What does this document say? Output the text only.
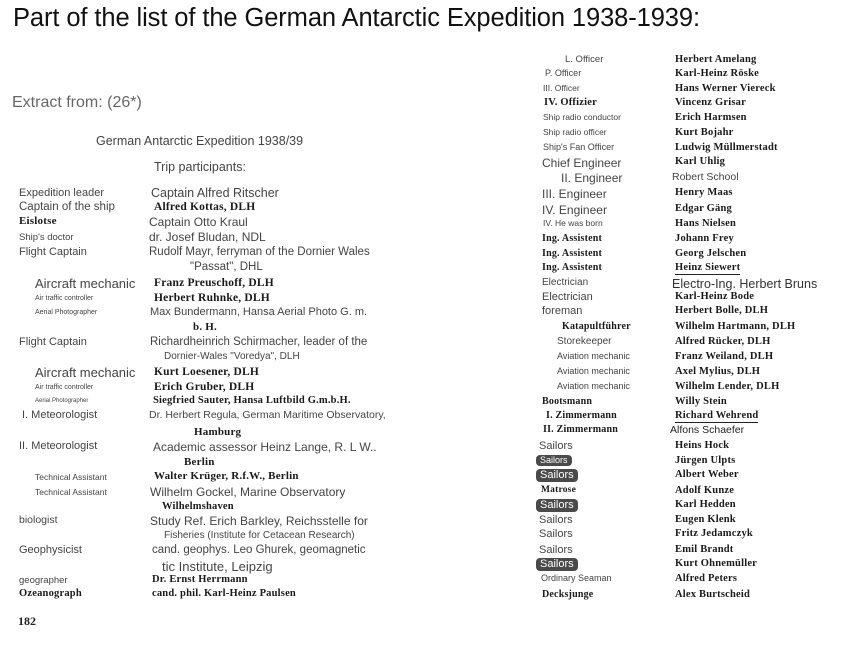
Part of the list of the German Antarctic Expedition 1938-1939:
Extract from: (26*)
German Antarctic Expedition 1938/39
Trip participants:
Expedition leader	Captain Alfred Ritscher
Captain of the ship	Alfred Kottas, DLH
Eislotse	Captain Otto Kraul
Ship's doctor	dr. Josef Bludan, NDL
Flight Captain	Rudolf Mayr, ferryman of the Dornier Wales
"Passat", DHL
Aircraft mechanic Franz Preuschoff, DLH
Air traffic controller	Herbert Ruhnke, DLH
Aerial Photographer	Max Bundermann, Hansa Aerial Photo G. m.
b. H.
Flight Captain	Richardheinrich Schirmacher, leader of the
Dornier-Wales "Voredya", DLH
Aircraft mechanic Kurt Loesener, DLH
Air traffic controller	Erich Gruber, DLH
Aerial Photographer	Siegfried Sauter, Hansa Luftbild G.m.b.H.
I. Meteorologist	Dr. Herbert Regula, German Maritime Observatory,
Hamburg
II. Meteorologist	Academic assessor Heinz Lange, R. L W..
Berlin
Technical Assistant	Walter Krüger, R.f.W., Berlin
Technical Assistant	Wilhelm Gockel, Marine Observatory
Wilhelmshaven
biologist	Study Ref. Erich Barkley, Reichsstelle for
Fisheries (Institute for Cetacean Research)
Geophysicist	cand. geophys. Leo Ghurek, geomagnetic
tic Institute, Leipzig
geographer	Dr. Ernst Herrmann
Ozeanograph	cand. phil. Karl-Heinz Paulsen
182
L. Officer	Herbert Amelang
P. Officer	Karl-Heinz Röske
III. Officer	Hans Werner Viereck
IV. Offizier	Vincenz Grisar
Ship radio conductor	Erich Harmsen
Ship radio officer	Kurt Bojahr
Ship's Fan Officer	Ludwig Müllmerstadt
Chief Engineer	Karl Uhlig
II. Engineer	Robert School
III. Engineer	Henry Maas
IV. Engineer	Edgar Gäng
IV. He was born	Hans Nielsen
Ing. Assistent	Johann Frey
Ing. Assistent	Georg Jelschen
Ing. Assistent	Heinz Siewert
Electrician	Electro-Ing. Herbert Bruns
Electrician	Karl-Heinz Bode
foreman	Herbert Bolle, DLH
Katapultführer	Wilhelm Hartmann, DLH
Storekeeper	Alfred Rücker, DLH
Aviation mechanic	Franz Weiland, DLH
Aviation mechanic	Axel Mylius, DLH
Aviation mechanic	Wilhelm Lender, DLH
Bootsmann	Willy Stein
I. Zimmermann	Richard Wehrend
II. Zimmermann	Alfons Schaefer
Sailors	Heins Hock
Sailors	Jürgen Ulpts
Sailors	Albert Weber
Matrose	Adolf Kunze
Sailors	Karl Hedden
Sailors	Eugen Klenk
Sailors	Fritz Jedamczyk
Sailors	Emil Brandt
Sailors	Kurt Ohnemüller
Ordinary Seaman	Alfred Peters
Decksjunge	Alex Burtscheid
